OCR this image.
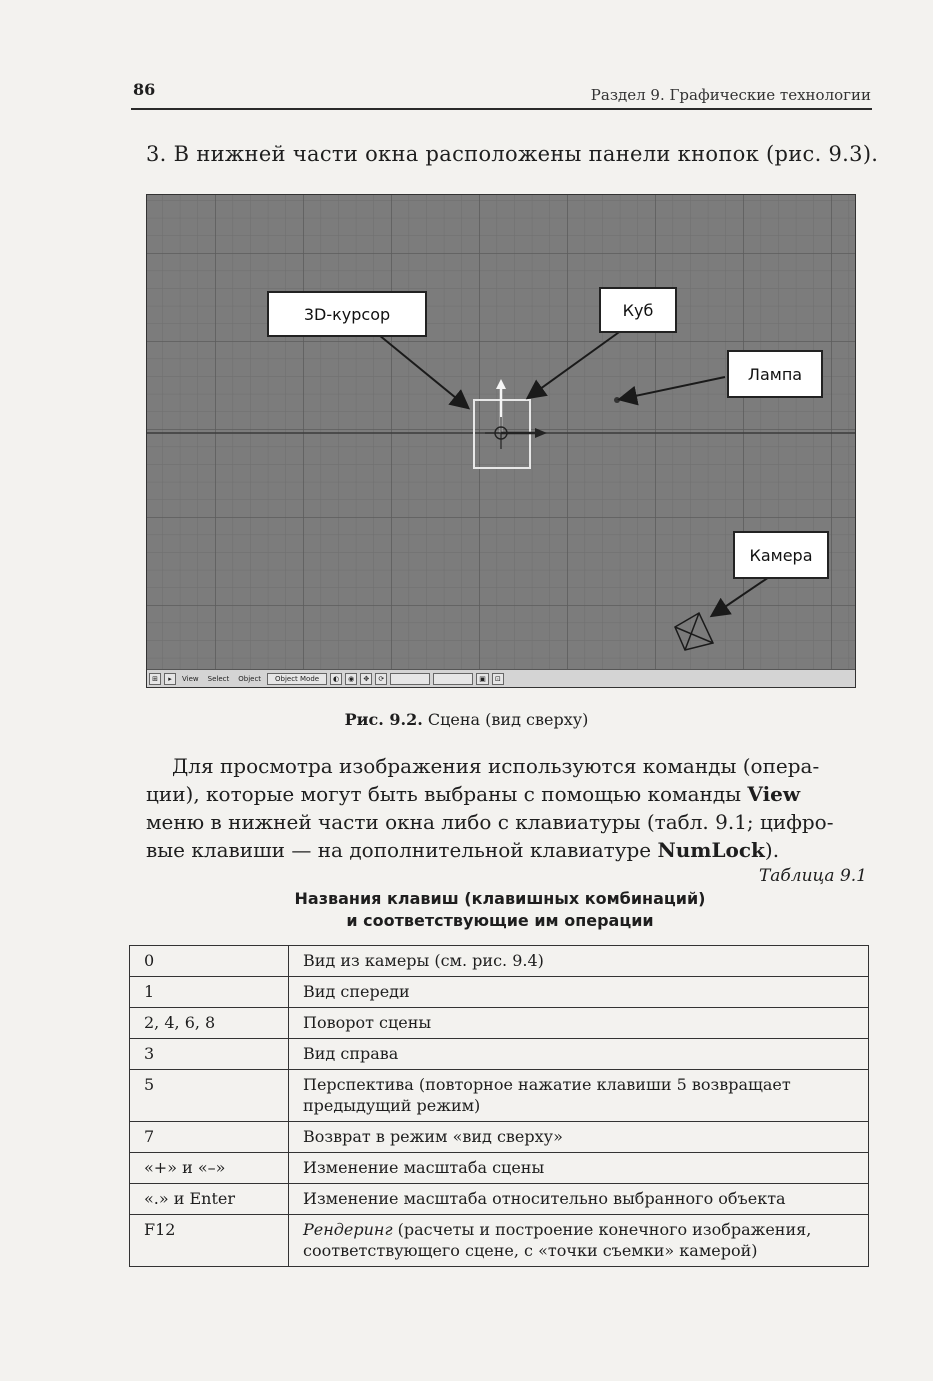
86	Раздел 9. Графические технологии
3. В нижней части окна расположены панели кнопок (рис. 9.3).
3D-курсор	Куб
Лампа
Камера
⊞	▸	View	Select	Object	Object Mode	◐	◉	✥	⟳	▣	⊡
Рис. 9.2. Сцена (вид сверху)

Для просмотра изображения используются команды (опера-

ции), которые могут быть выбраны с помощью команды View

меню в нижней части окна либо с клавиатуры (табл. 9.1; цифро-

вые клавиши — на дополнительной клавиатуре NumLock).

Таблица 9.1
Названия клавиш (клавишных комбинаций)
и соответствующие им операции
0	Вид из камеры (см. рис. 9.4)
1	Вид спереди
2, 4, 6, 8	Поворот сцены
3	Вид справа
5	Перспектива (повторное нажатие клавиши 5 возвращает предыдущий режим)
7	Возврат в режим «вид сверху»
«+» и «–»	Изменение масштаба сцены
«.» и Enter	Изменение масштаба относительно выбранного объекта
F12	Рендеринг (расчеты и построение конечного изображения, соответствующего сцене, с «точки съемки» камерой)
